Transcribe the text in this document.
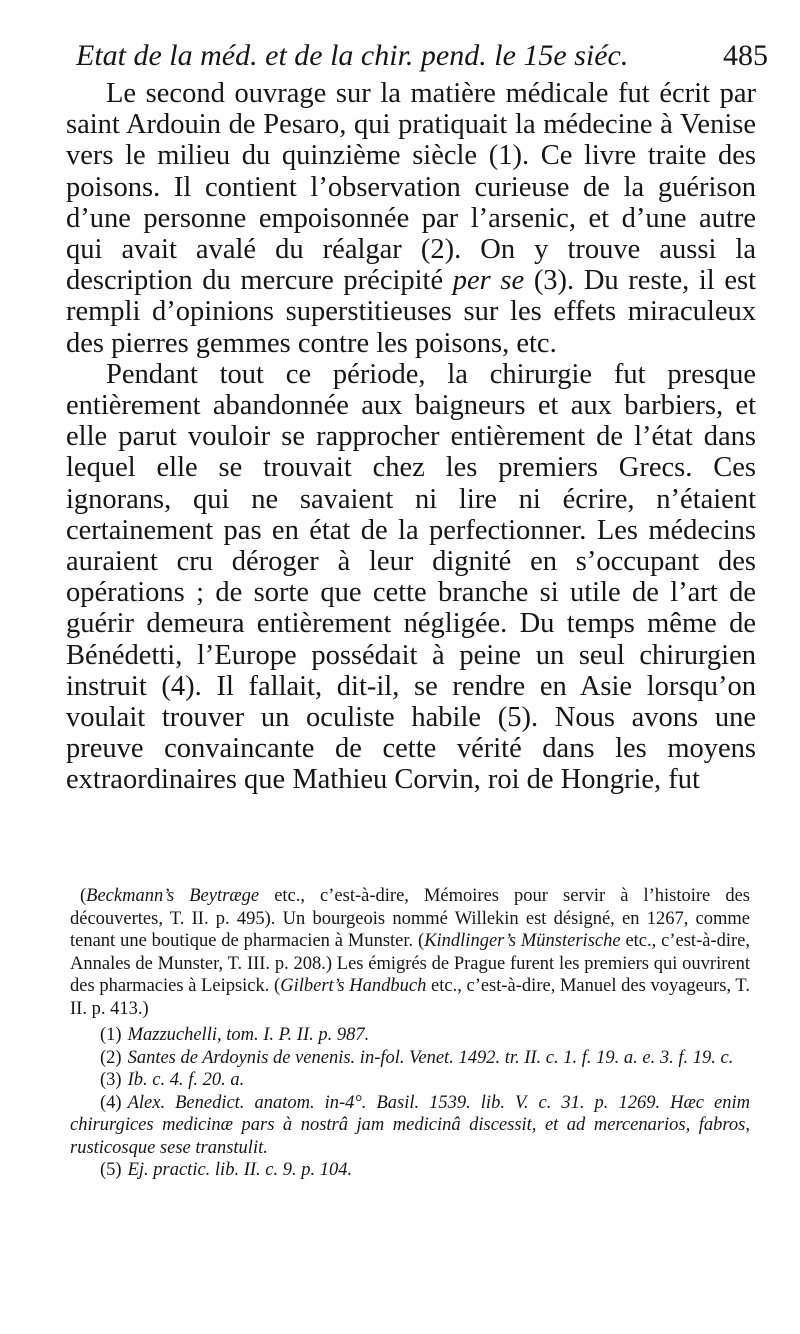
Etat de la méd. et de la chir. pend. le 15e siéc.	485

Le second ouvrage sur la matière médicale fut écrit par saint Ardouin de Pesaro, qui pratiquait la médecine à Venise vers le milieu du quinzième siècle (1). Ce livre traite des poisons. Il contient l’observation curieuse de la guérison d’une personne empoisonnée par l’arsenic, et d’une autre qui avait avalé du réalgar (2). On y trouve aussi la description du mercure précipité per se (3). Du reste, il est rempli d’opinions superstitieuses sur les effets miraculeux des pierres gemmes contre les poisons, etc.

Pendant tout ce période, la chirurgie fut presque entièrement abandonnée aux baigneurs et aux barbiers, et elle parut vouloir se rapprocher entièrement de l’état dans lequel elle se trouvait chez les premiers Grecs. Ces ignorans, qui ne savaient ni lire ni écrire, n’étaient certainement pas en état de la perfectionner. Les médecins auraient cru déroger à leur dignité en s’occupant des opérations ; de sorte que cette branche si utile de l’art de guérir demeura entièrement négligée. Du temps même de Bénédetti, l’Europe possédait à peine un seul chirurgien instruit (4). Il fallait, dit-il, se rendre en Asie lorsqu’on voulait trouver un oculiste habile (5). Nous avons une preuve convaincante de cette vérité dans les moyens extraordinaires que Mathieu Corvin, roi de Hongrie, fut

(Beckmann’s Beytræge etc., c’est-à-dire, Mémoires pour servir à l’histoire des découvertes, T. II. p. 495). Un bourgeois nommé Willekin est désigné, en 1267, comme tenant une boutique de pharmacien à Munster. (Kindlinger’s Münsterische etc., c’est-à-dire, Annales de Munster, T. III. p. 208.) Les émigrés de Prague furent les premiers qui ouvrirent des pharmacies à Leipsick. (Gilbert’s Handbuch etc., c’est-à-dire, Manuel des voyageurs, T. II. p. 413.)

(1) Mazzuchelli, tom. I. P. II. p. 987.
(2) Santes de Ardoynis de venenis. in-fol. Venet. 1492. tr. II. c. 1. f. 19. a. e. 3. f. 19. c.
(3) Ib. c. 4. f. 20. a.
(4) Alex. Benedict. anatom. in-4°. Basil. 1539. lib. V. c. 31. p. 1269. Hæc enim chirurgices medicinæ pars à nostrâ jam medicinâ discessit, et ad mercenarios, fabros, rusticosque sese transtulit.
(5) Ej. practic. lib. II. c. 9. p. 104.
